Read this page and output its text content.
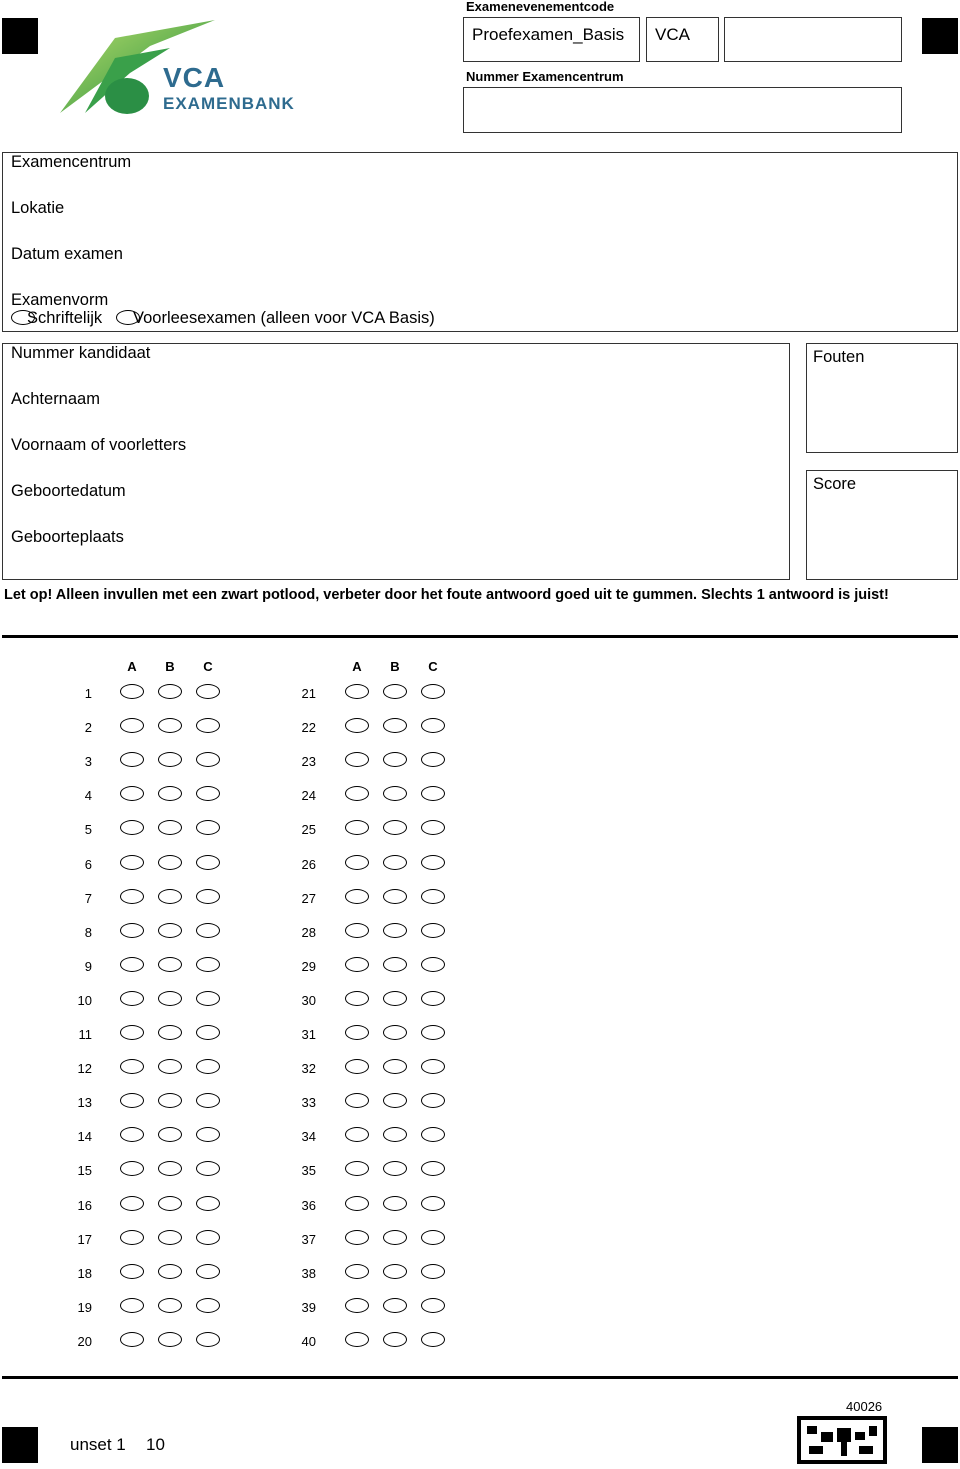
VCA
EXAMENBANK
Examenevenementcode
Proefexamen_Basis	VCA
Nummer Examencentrum
Examencentrum
Lokatie
Datum examen
Examenvorm
Schriftelijk Voorleesexamen (alleen voor VCA Basis)
Nummer kandidaat
Achternaam
Voornaam of voorletters
Geboortedatum
Geboorteplaats
Fouten
Score
Let op! Alleen invullen met een zwart potlood, verbeter door het foute antwoord goed uit te gummen. Slechts 1 antwoord is juist!
A	B	C
1
2
3
4
5
6
7
8
9
10
11
12
13
14
15
16
17
18
19
20
A	B	C
21
22
23
24
25
26
27
28
29
30
31
32
33
34
35
36
37
38
39
40
unset 1 10
40026
